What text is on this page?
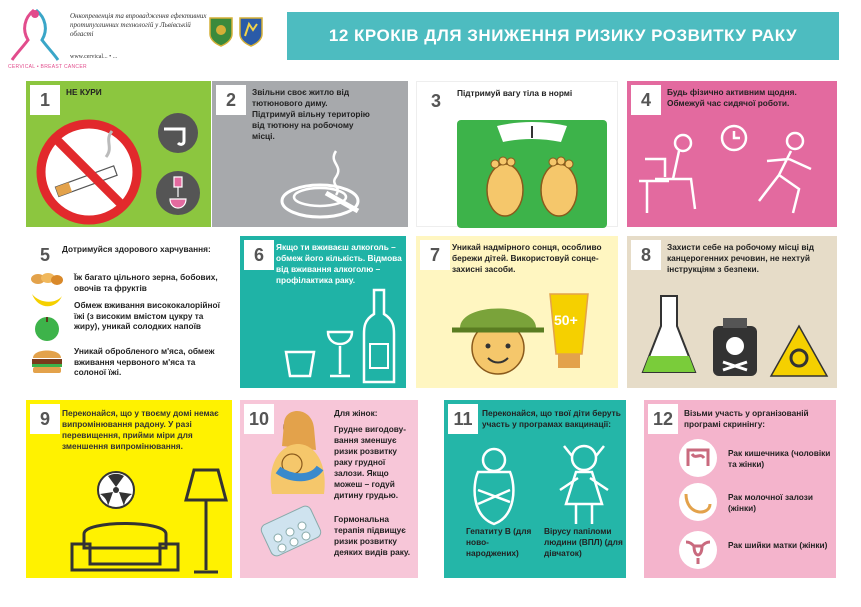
Онкопревенція та впровадження ефективних протипухлинних технологій у Львівській області
www.cervical... • ...
CERVICAL • BREAST CANCER
12 КРОКІВ ДЛЯ ЗНИЖЕННЯ РИЗИКУ РОЗВИТКУ РАКУ
1	НЕ КУРИ	2	Звільни своє житло від тютюнового диму. Підтримуй вільну територію від тютюну на робочому місці.
3	Підтримуй вагу тіла в нормі	4	Будь фізично активним щодня. Обмежуй час сидячої роботи.
5	Дотримуйся здорового харчування:
Їж багато цільного зерна, бобових, овочів та фруктів
Обмеж вживання висококалорійної їжі (з високим вмістом цукру та жиру), уникай солодких напоїв
Уникай обробленого м'яса, обмеж вживання червоного м'яса та солоної їжі.
6	Якщо ти вживаєш алкоголь – обмеж його кількість. Відмова від вживання алкоголю – профілактика раку.
7	Уникай надмірного сонця, особливо бережи дітей. Використовуй сонце-захисні засоби.
50+
8	Захисти себе на робочому місці від канцерогенних речовин, не нехтуй інструкціям з безпеки.
9	Переконайся, що у твоєму домі немає випромінювання радону. У разі перевищення, прийми міри для зменшення випромінювання.
10	Для жінок:
Грудне вигодову-вання зменшує ризик розвитку раку грудної залози. Якщо можеш – годуй дитину грудью.
Гормональна терапія підвищує ризик розвитку деяких видів раку.
11	Переконайся, що твої діти беруть участь у програмах вакцинації:
Гепатиту В (для ново-народжених)
Вірусу папіломи людини (ВПЛ) (для дівчаток)
12	Візьми участь у організованій програмі скринінгу:
Рак кишечника (чоловіки та жінки)
Рак молочної залози (жінки)
Рак шийки матки (жінки)
